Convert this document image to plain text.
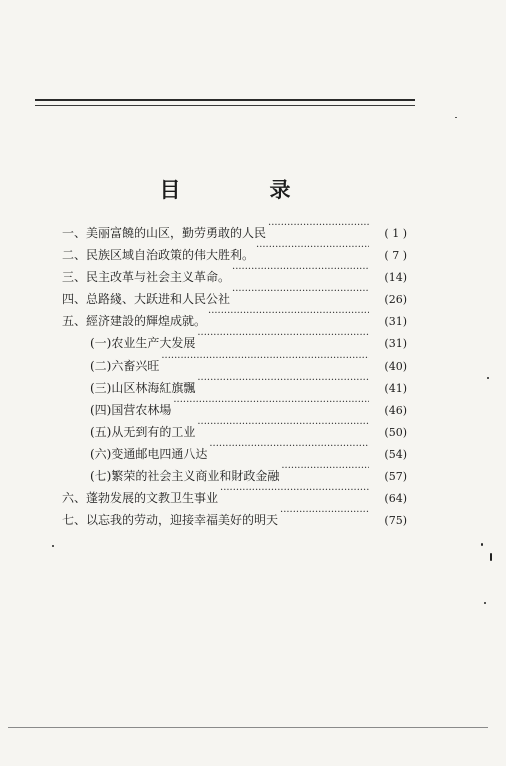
目　录
一、美丽富饒的山区，勤劳勇敢的人民 ·····	( 1 )
二、民族区域自治政策的伟大胜利。 ·····	( 7 )
三、民主改革与社会主义革命。 ·····	(14)
四、总路綫、大跃进和人民公社 ·····	(26)
五、經济建設的輝煌成就。 ·····	(31)
(一)农业生产大发展 ·····	(31)
(二)六畜兴旺 ·····	(40)
(三)山区林海紅旗飄 ·····	(41)
(四)国营农林場 ·····	(46)
(五)从无到有的工业 ·····	(50)
(六)变通邮电四通八达 ·····	(54)
(七)繁荣的社会主义商业和財政金融 ·····	(57)
六、蓬勃发展的文教卫生事业 ·····	(64)
七、以忘我的劳动，迎接幸福美好的明天 ·····	(75)
